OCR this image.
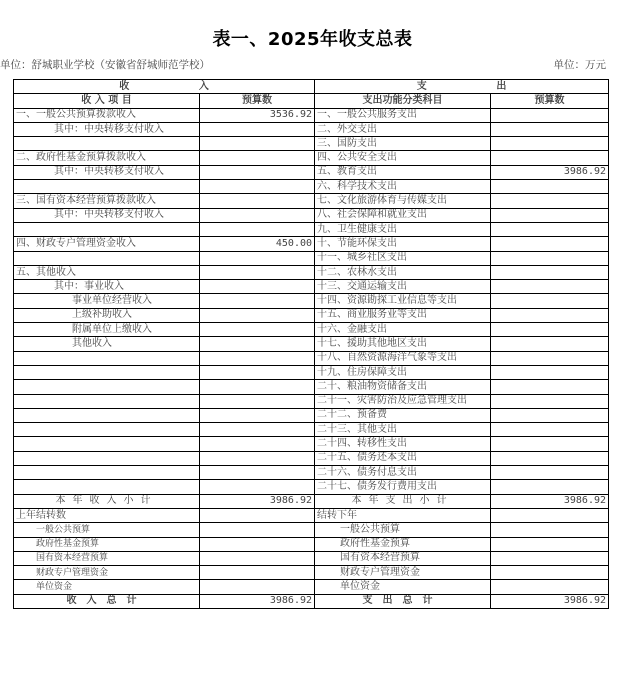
表一、2025年收支总表
单位：舒城职业学校（安徽省舒城师范学校）	单位：万元
收                    入		支                    出	
收 入 项 目	预算数	支出功能分类科目	预算数
一、一般公共预算拨款收入	3536.92	一、一般公共服务支出	
其中：中央转移支付收入		二、外交支出	
		三、国防支出	
二、政府性基金预算拨款收入		四、公共安全支出	
其中：中央转移支付收入		五、教育支出	3986.92
		六、科学技术支出	
三、国有资本经营预算拨款收入		七、文化旅游体育与传媒支出	
其中：中央转移支付收入		八、社会保障和就业支出	
		九、卫生健康支出	
四、财政专户管理资金收入	450.00	十、节能环保支出	
		十一、城乡社区支出	
五、其他收入		十二、农林水支出	
其中：事业收入		十三、交通运输支出	
事业单位经营收入		十四、资源勘探工业信息等支出	
上级补助收入		十五、商业服务业等支出	
附属单位上缴收入		十六、金融支出	
其他收入		十七、援助其他地区支出	
		十八、自然资源海洋气象等支出	
		十九、住房保障支出	
		二十、粮油物资储备支出	
		二十一、灾害防治及应急管理支出	
		二十二、预备费	
		二十三、其他支出	
		二十四、转移性支出	
		二十五、债务还本支出	
		二十六、债务付息支出	
		二十七、债务发行费用支出	
本年收入小计	3986.92	本年支出小计	3986.92
上年结转数		结转下年	
一般公共预算		一般公共预算	
政府性基金预算		政府性基金预算	
国有资本经营预算		国有资本经营预算	
财政专户管理资金		财政专户管理资金	
单位资金		单位资金	
收入总计	3986.92	支出总计	3986.92
